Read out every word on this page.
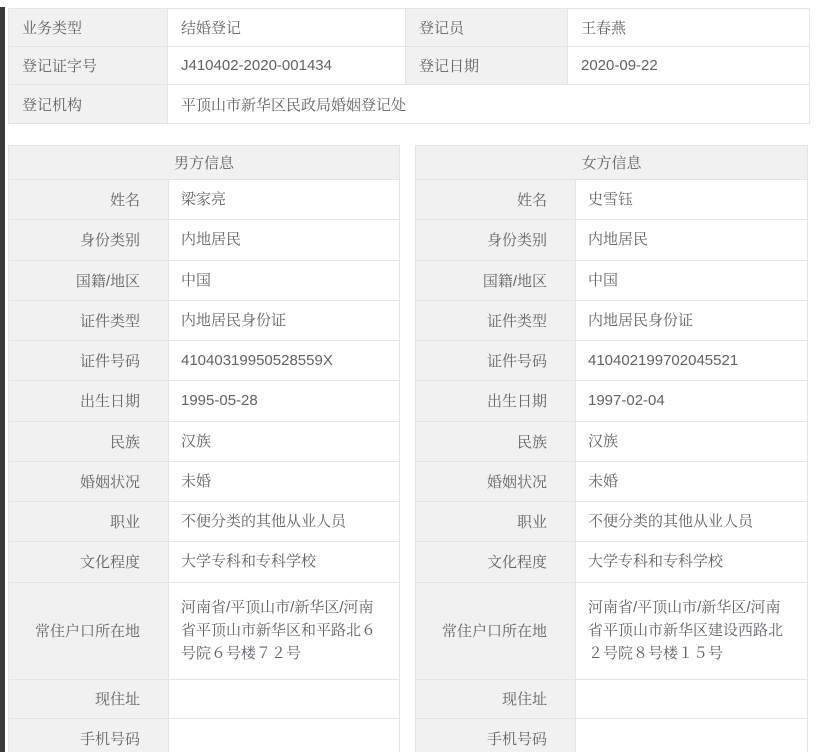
业务类型	结婚登记	登记员	王春燕
登记证字号	J410402-2020-001434	登记日期	2020-09-22
登记机构	平顶山市新华区民政局婚姻登记处
男方信息
姓名	梁家亮
身份类别	内地居民
国籍/地区	中国
证件类型	内地居民身份证
证件号码	41040319950528559X
出生日期	1995-05-28
民族	汉族
婚姻状况	未婚
职业	不便分类的其他从业人员
文化程度	大学专科和专科学校
常住户口所在地
河南省/平顶山市/新华区/河南省平顶山市新华区和平路北６号院６号楼７２号
现住址
手机号码
女方信息
姓名	史雪钰
身份类别	内地居民
国籍/地区	中国
证件类型	内地居民身份证
证件号码	410402199702045521
出生日期	1997-02-04
民族	汉族
婚姻状况	未婚
职业	不便分类的其他从业人员
文化程度	大学专科和专科学校
常住户口所在地
河南省/平顶山市/新华区/河南省平顶山市新华区建设西路北２号院８号楼１５号
现住址
手机号码
